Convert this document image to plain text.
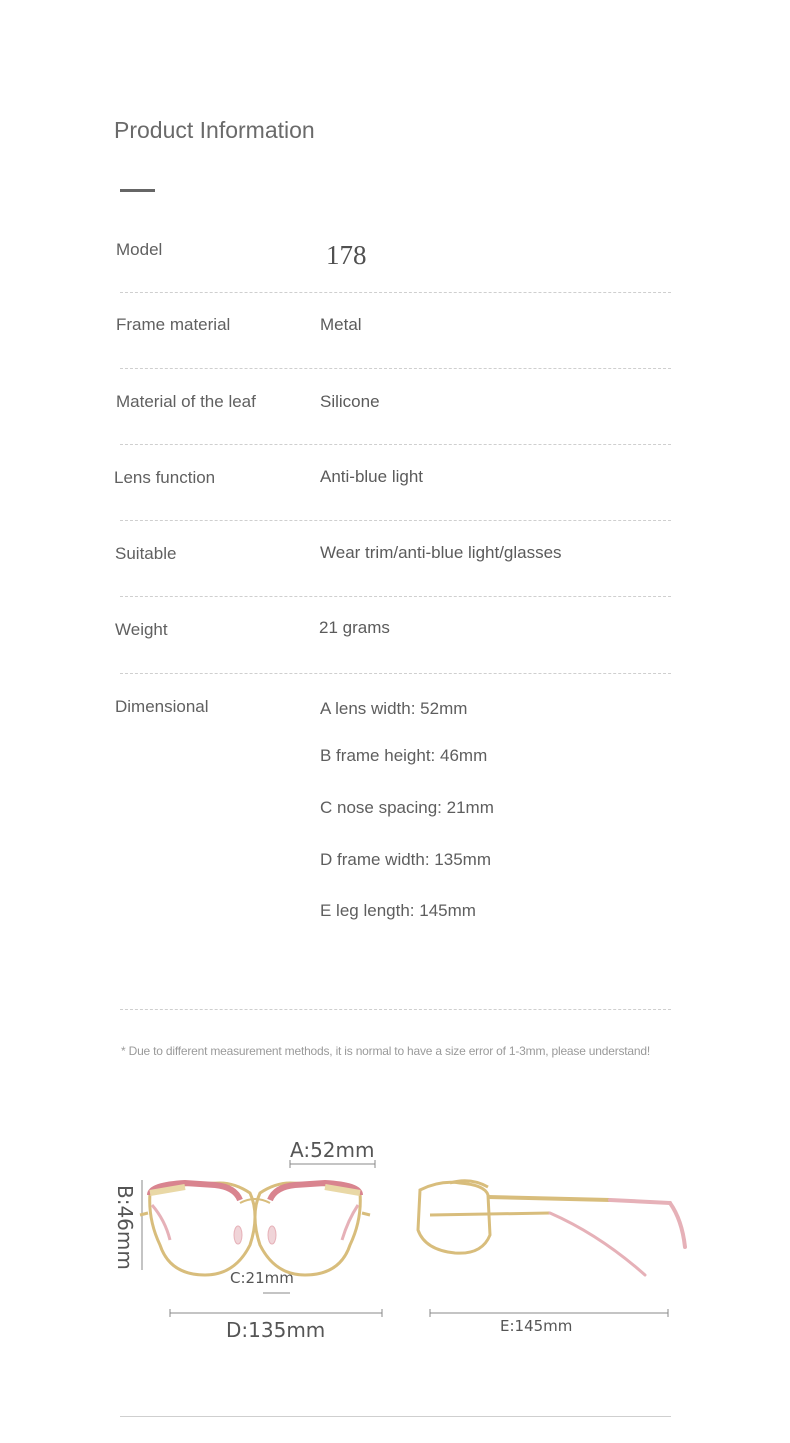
Product Information
Model	178
Frame material	Metal
Material of the leaf	Silicone
Lens function	Anti-blue light
Suitable	Wear trim/anti-blue light/glasses
Weight	21 grams
Dimensional	A lens width: 52mm
B frame height: 46mm
C nose spacing: 21mm
D frame width: 135mm
E leg length: 145mm
* Due to different measurement methods, it is normal to have a size error of 1-3mm, please understand!
A:52mm
B:46mm
C:21mm
D:135mm	E:145mm
